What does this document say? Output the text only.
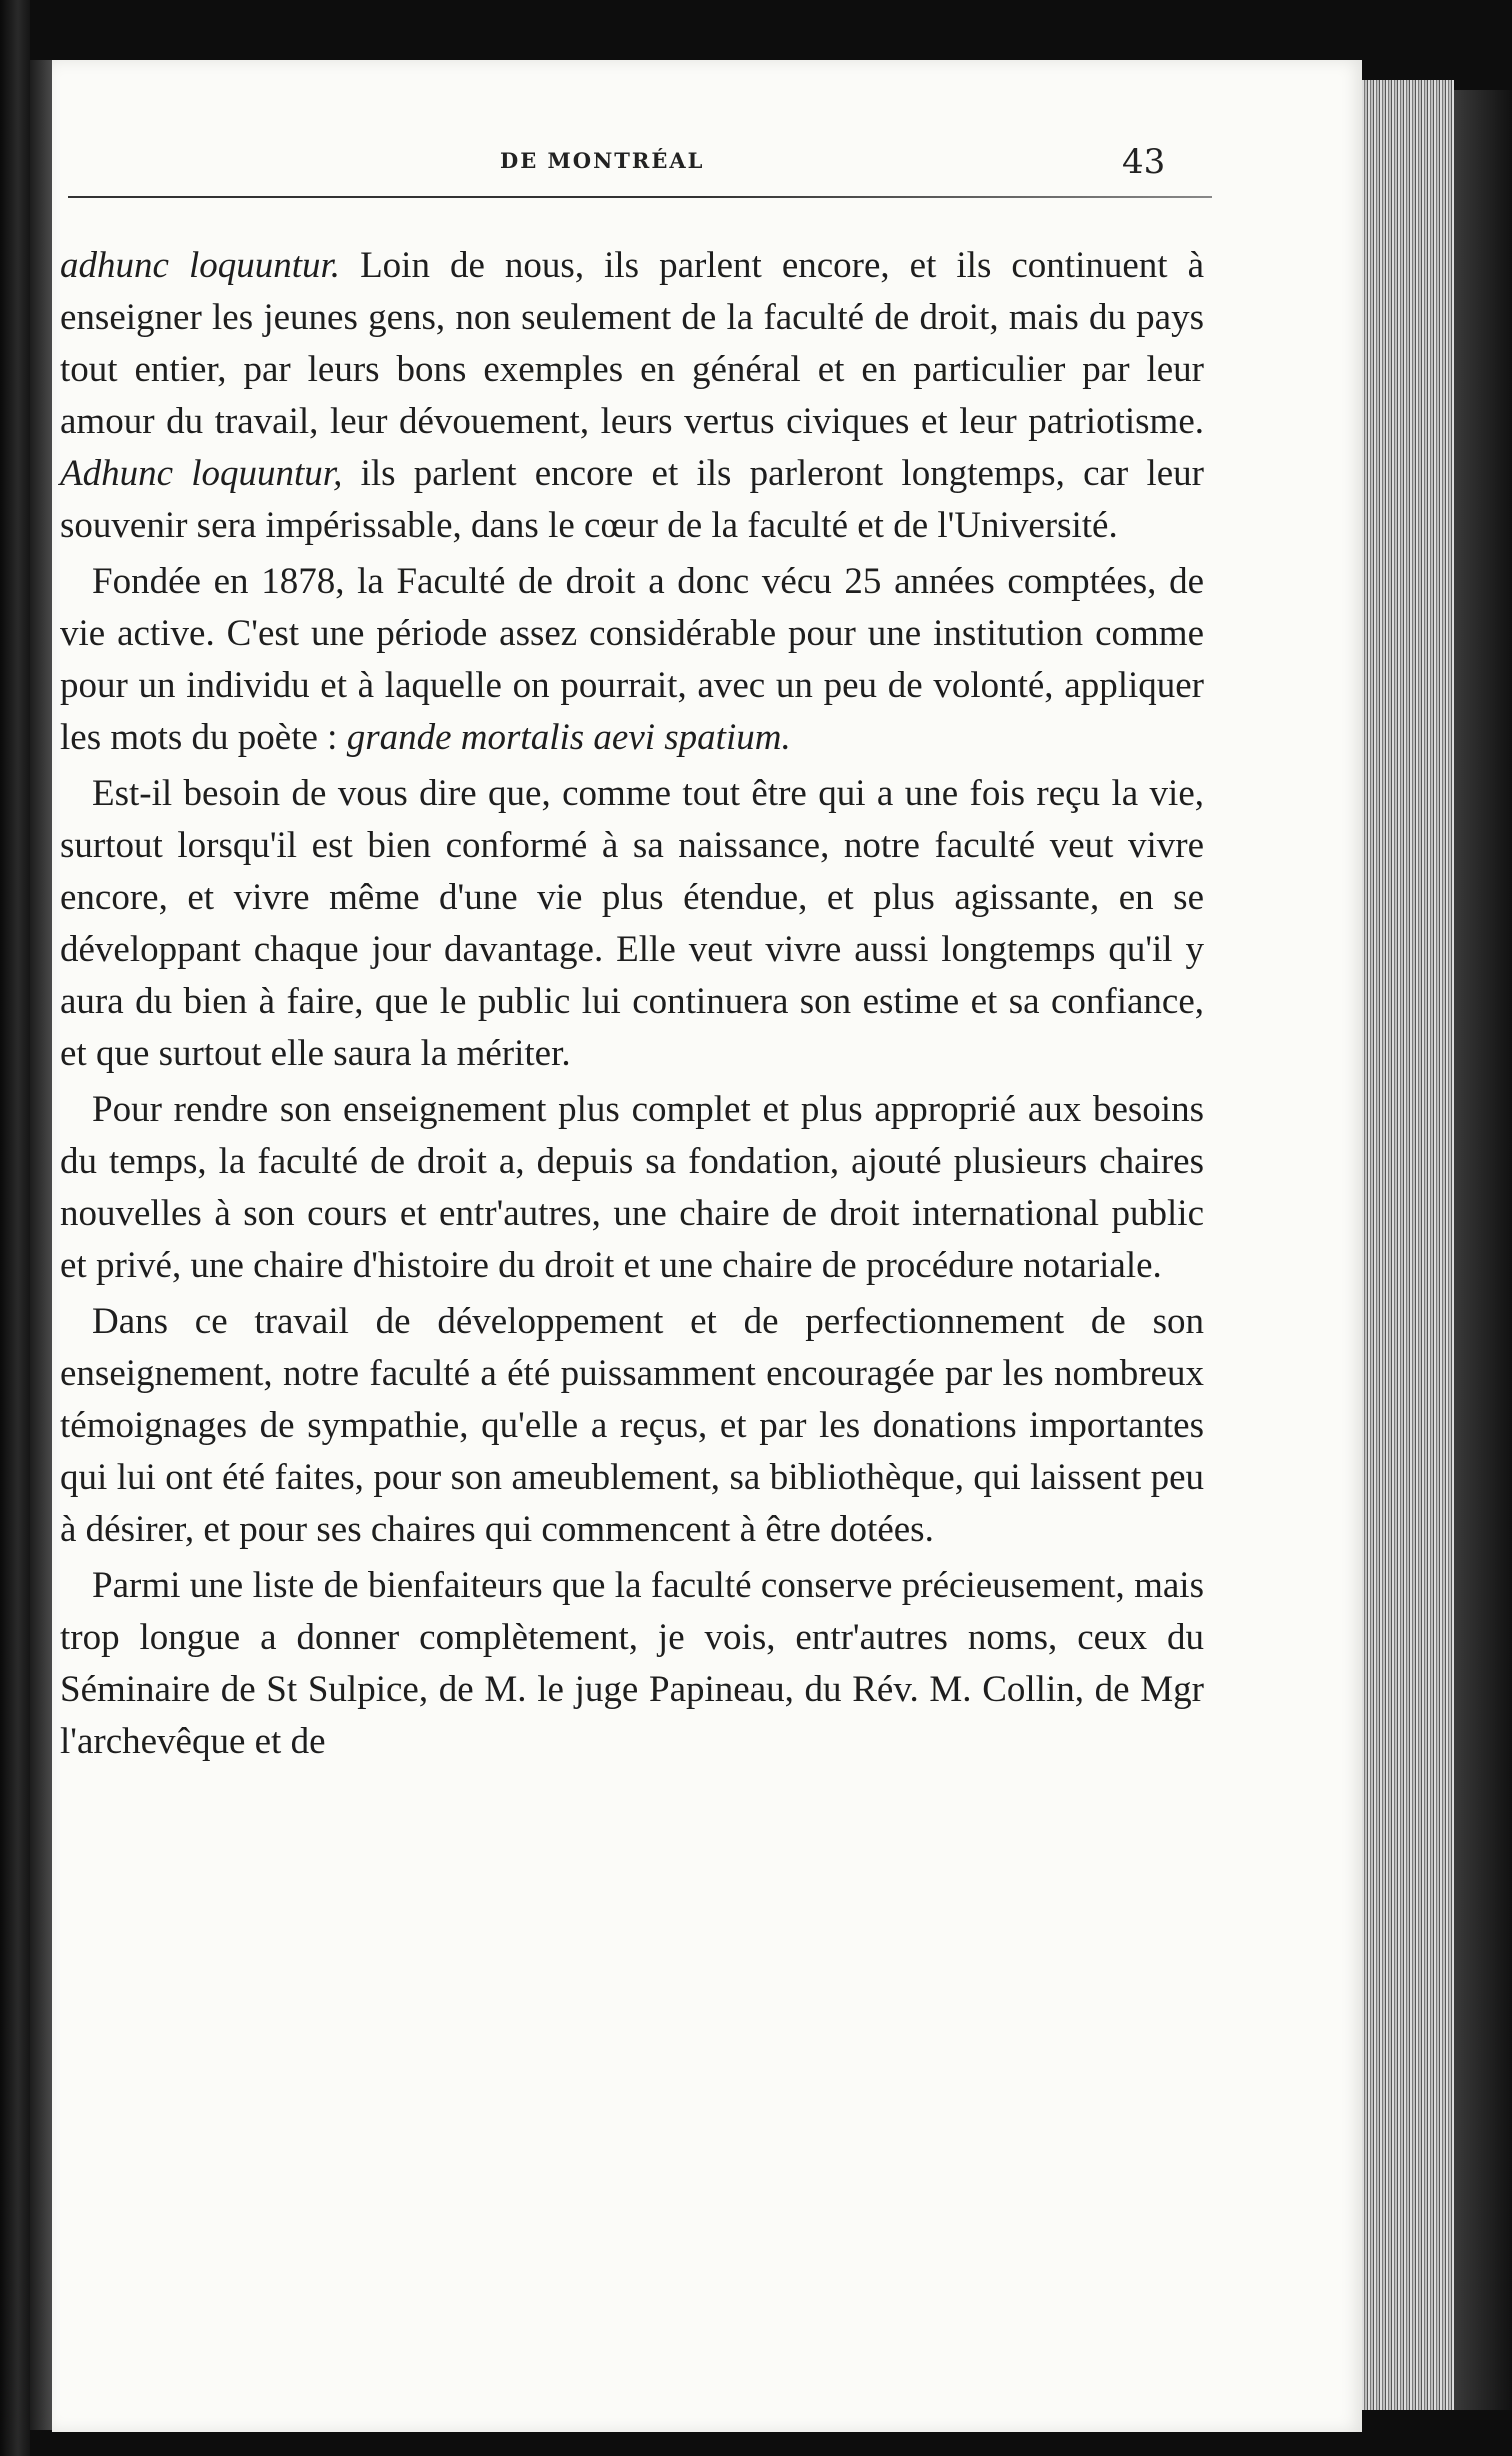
DE MONTRÉAL	43

adhunc loquuntur. Loin de nous, ils parlent encore, et ils continuent à enseigner les jeunes gens, non seulement de la faculté de droit, mais du pays tout entier, par leurs bons exemples en général et en particulier par leur amour du travail, leur dévouement, leurs vertus civiques et leur patriotisme. Adhunc loquuntur, ils parlent encore et ils parleront longtemps, car leur souvenir sera impérissable, dans le cœur de la faculté et de l'Université.

Fondée en 1878, la Faculté de droit a donc vécu 25 années comptées, de vie active. C'est une période assez considérable pour une institution comme pour un individu et à laquelle on pourrait, avec un peu de volonté, appliquer les mots du poète : grande mortalis aevi spatium.

Est-il besoin de vous dire que, comme tout être qui a une fois reçu la vie, surtout lorsqu'il est bien conformé à sa naissance, notre faculté veut vivre encore, et vivre même d'une vie plus étendue, et plus agissante, en se développant chaque jour davantage. Elle veut vivre aussi longtemps qu'il y aura du bien à faire, que le public lui continuera son estime et sa confiance, et que surtout elle saura la mériter.

Pour rendre son enseignement plus complet et plus approprié aux besoins du temps, la faculté de droit a, depuis sa fondation, ajouté plusieurs chaires nouvelles à son cours et entr'autres, une chaire de droit international public et privé, une chaire d'histoire du droit et une chaire de procédure notariale.

Dans ce travail de développement et de perfectionnement de son enseignement, notre faculté a été puissamment encouragée par les nombreux témoignages de sympathie, qu'elle a reçus, et par les donations importantes qui lui ont été faites, pour son ameublement, sa bibliothèque, qui laissent peu à désirer, et pour ses chaires qui commencent à être dotées.

Parmi une liste de bienfaiteurs que la faculté conserve précieusement, mais trop longue a donner complètement, je vois, entr'autres noms, ceux du Séminaire de St Sulpice, de M. le juge Papineau, du Rév. M. Collin, de Mgr l'archevêque et de
